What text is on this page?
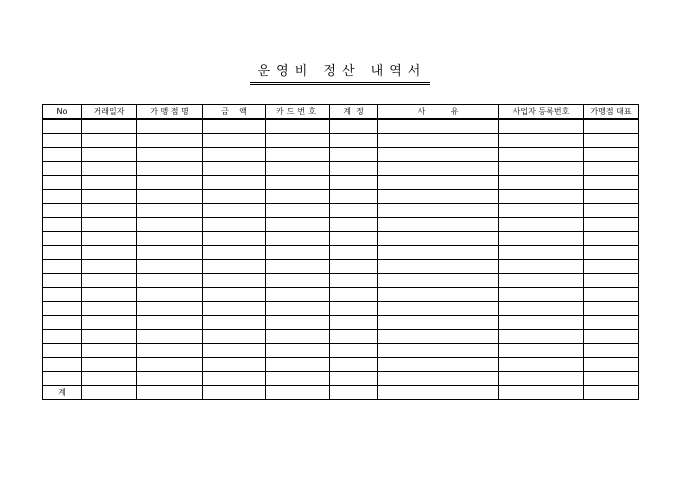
운영비 정산 내역서
No	거래일자	가 맹 점 명	금    액	카드번호	계  정	사          유	사업자 등록번호	가맹점 대표

계								
